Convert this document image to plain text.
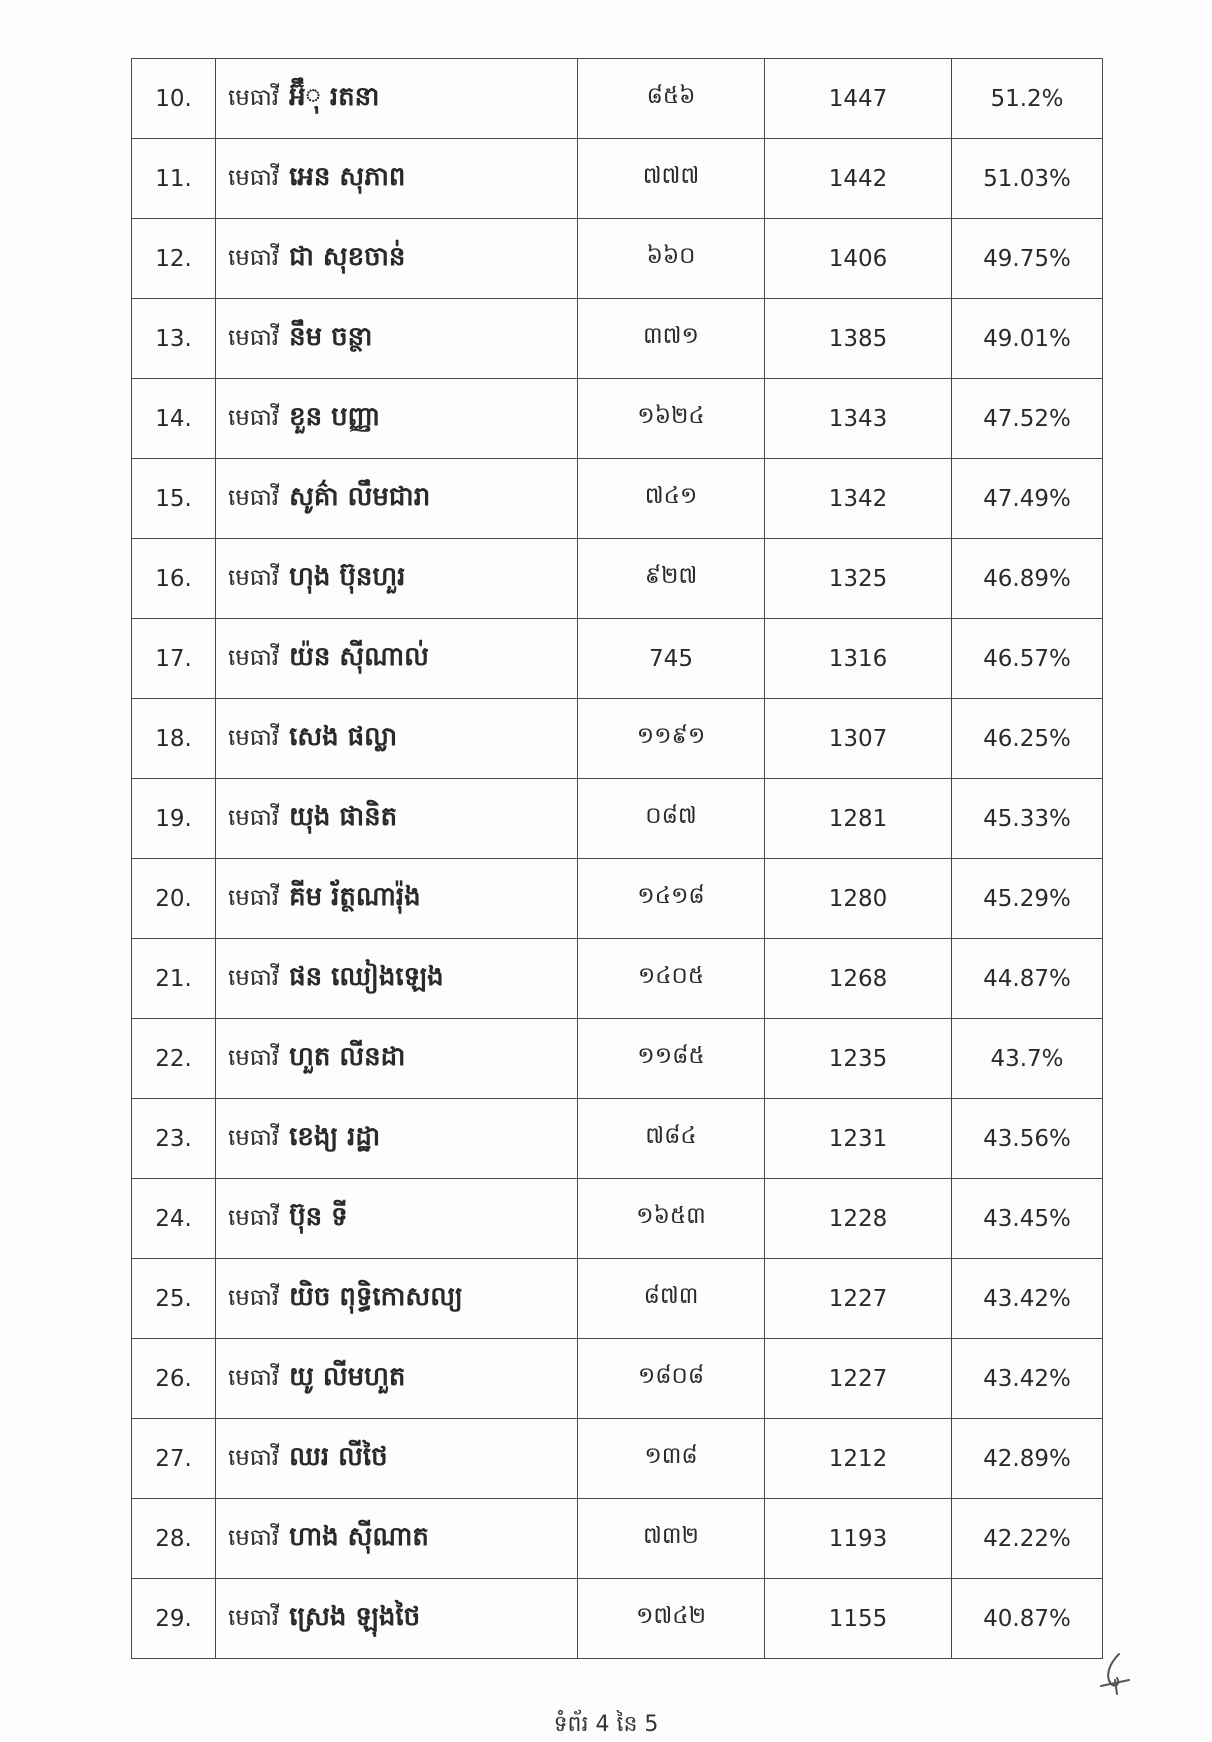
10.	មេធាវី អ៊ឹុ រតនា	៨៥៦	1447	51.2%
11.	មេធាវី អេន សុភាព	៧៧៧	1442	51.03%
12.	មេធាវី ជា សុខចាន់	៦៦០	1406	49.75%
13.	មេធាវី នឹម ចន្ថា	៣៧១	1385	49.01%
14.	មេធាវី ខួន បញ្ញា	១៦២៤	1343	47.52%
15.	មេធាវី សូគ៌ា លឹមជារា	៧៤១	1342	47.49%
16.	មេធាវី ហុង ប៊ុនហួរ	៩២៧	1325	46.89%
17.	មេធាវី យ៉ន ស៊ីណាល់	745	1316	46.57%
18.	មេធាវី សេង ផល្លា	១១៩១	1307	46.25%
19.	មេធាវី យុង ផានិត	០៨៧	1281	45.33%
20.	មេធាវី គីម រ័ត្ថណារ៉ុង	១៤១៨	1280	45.29%
21.	មេធាវី ផន ឈៀងឡេង	១៤០៥	1268	44.87%
22.	មេធាវី ហួត លីនដា	១១៨៥	1235	43.7%
23.	មេធាវី ខេង្យ រដ្ឋា	៧៨៤	1231	43.56%
24.	មេធាវី ប៊ុន ទី	១៦៥៣	1228	43.45%
25.	មេធាវី យិច ពុទ្ធិកោសល្យ	៨៧៣	1227	43.42%
26.	មេធាវី យូ លីមហួត	១៨០៨	1227	43.42%
27.	មេធាវី ឈរ លីថៃ	១៣៨	1212	42.89%
28.	មេធាវី ហាង ស៊ីណាត	៧៣២	1193	42.22%
29.	មេធាវី ស្រេង ឡុងថៃ	១៧៤២	1155	40.87%
ទំព័រ 4 នៃ 5
